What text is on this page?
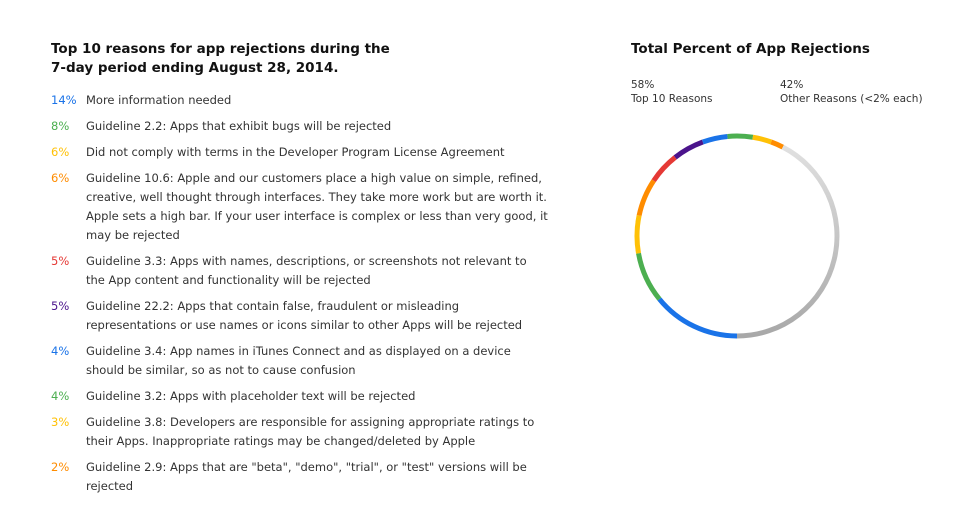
Top 10 reasons for app rejections during the
7-day period ending August 28, 2014.
14% More information needed
8%	Guideline 2.2: Apps that exhibit bugs will be rejected
6%	Did not comply with terms in the Developer Program License Agreement
6%	Guideline 10.6: Apple and our customers place a high value on simple, refined, creative, well thought through interfaces. They take more work but are worth it. Apple sets a high bar. If your user interface is complex or less than very good, it may be rejected
5%	Guideline 3.3: Apps with names, descriptions, or screenshots not relevant to the App content and functionality will be rejected
5%	Guideline 22.2: Apps that contain false, fraudulent or misleading representations or use names or icons similar to other Apps will be rejected
4%	Guideline 3.4: App names in iTunes Connect and as displayed on a device should be similar, so as not to cause confusion
4%	Guideline 3.2: Apps with placeholder text will be rejected
3%	Guideline 3.8: Developers are responsible for assigning appropriate ratings to their Apps. Inappropriate ratings may be changed/deleted by Apple
2%	Guideline 2.9: Apps that are "beta", "demo", "trial", or "test" versions will be rejected
Total Percent of App Rejections
58%
Top 10 Reasons
42%
Other Reasons (<2% each)
